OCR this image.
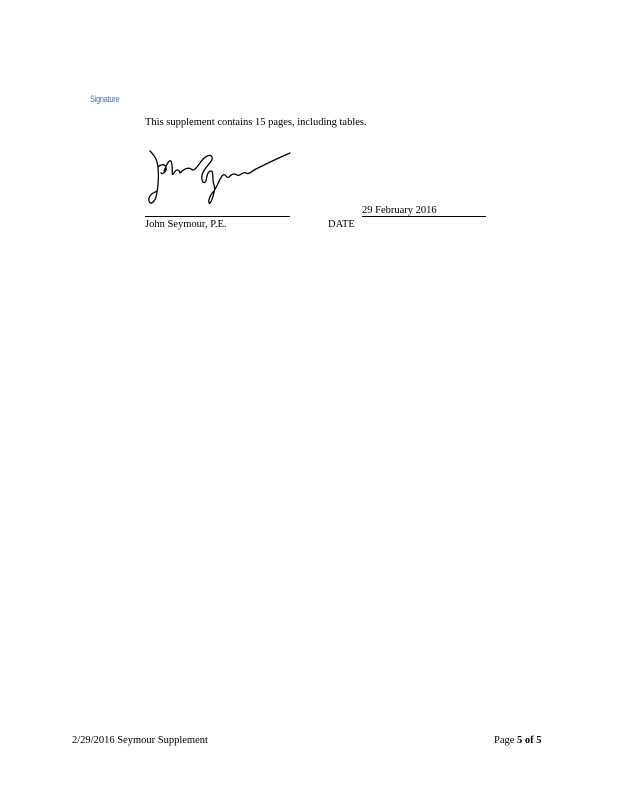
Signature
This supplement contains 15 pages, including tables.
John Seymour, P.E.
29 February 2016
DATE
2/29/2016 Seymour Supplement	Page 5 of 5
